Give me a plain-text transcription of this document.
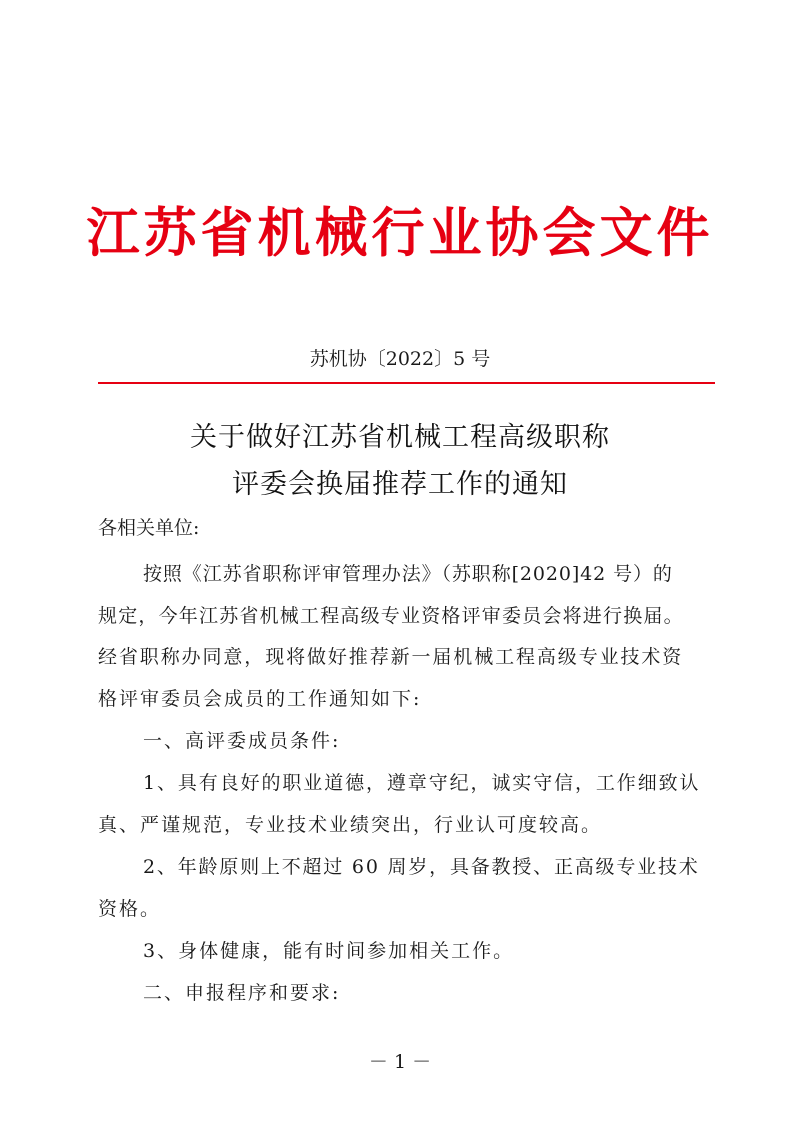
江苏省机械行业协会文件
苏机协〔2022〕5 号
关于做好江苏省机械工程高级职称
评委会换届推荐工作的通知
各相关单位:
按照《江苏省职称评审管理办法》（苏职称[2020]42 号）的
规定，今年江苏省机械工程高级专业资格评审委员会将进行换届。
经省职称办同意，现将做好推荐新一届机械工程高级专业技术资
格评审委员会成员的工作通知如下:
一、高评委成员条件:
1、具有良好的职业道德，遵章守纪，诚实守信，工作细致认
真、严谨规范，专业技术业绩突出，行业认可度较高。
2、年龄原则上不超过 60 周岁，具备教授、正高级专业技术
资格。
3、身体健康，能有时间参加相关工作。
二、申报程序和要求:
－ 1 －
